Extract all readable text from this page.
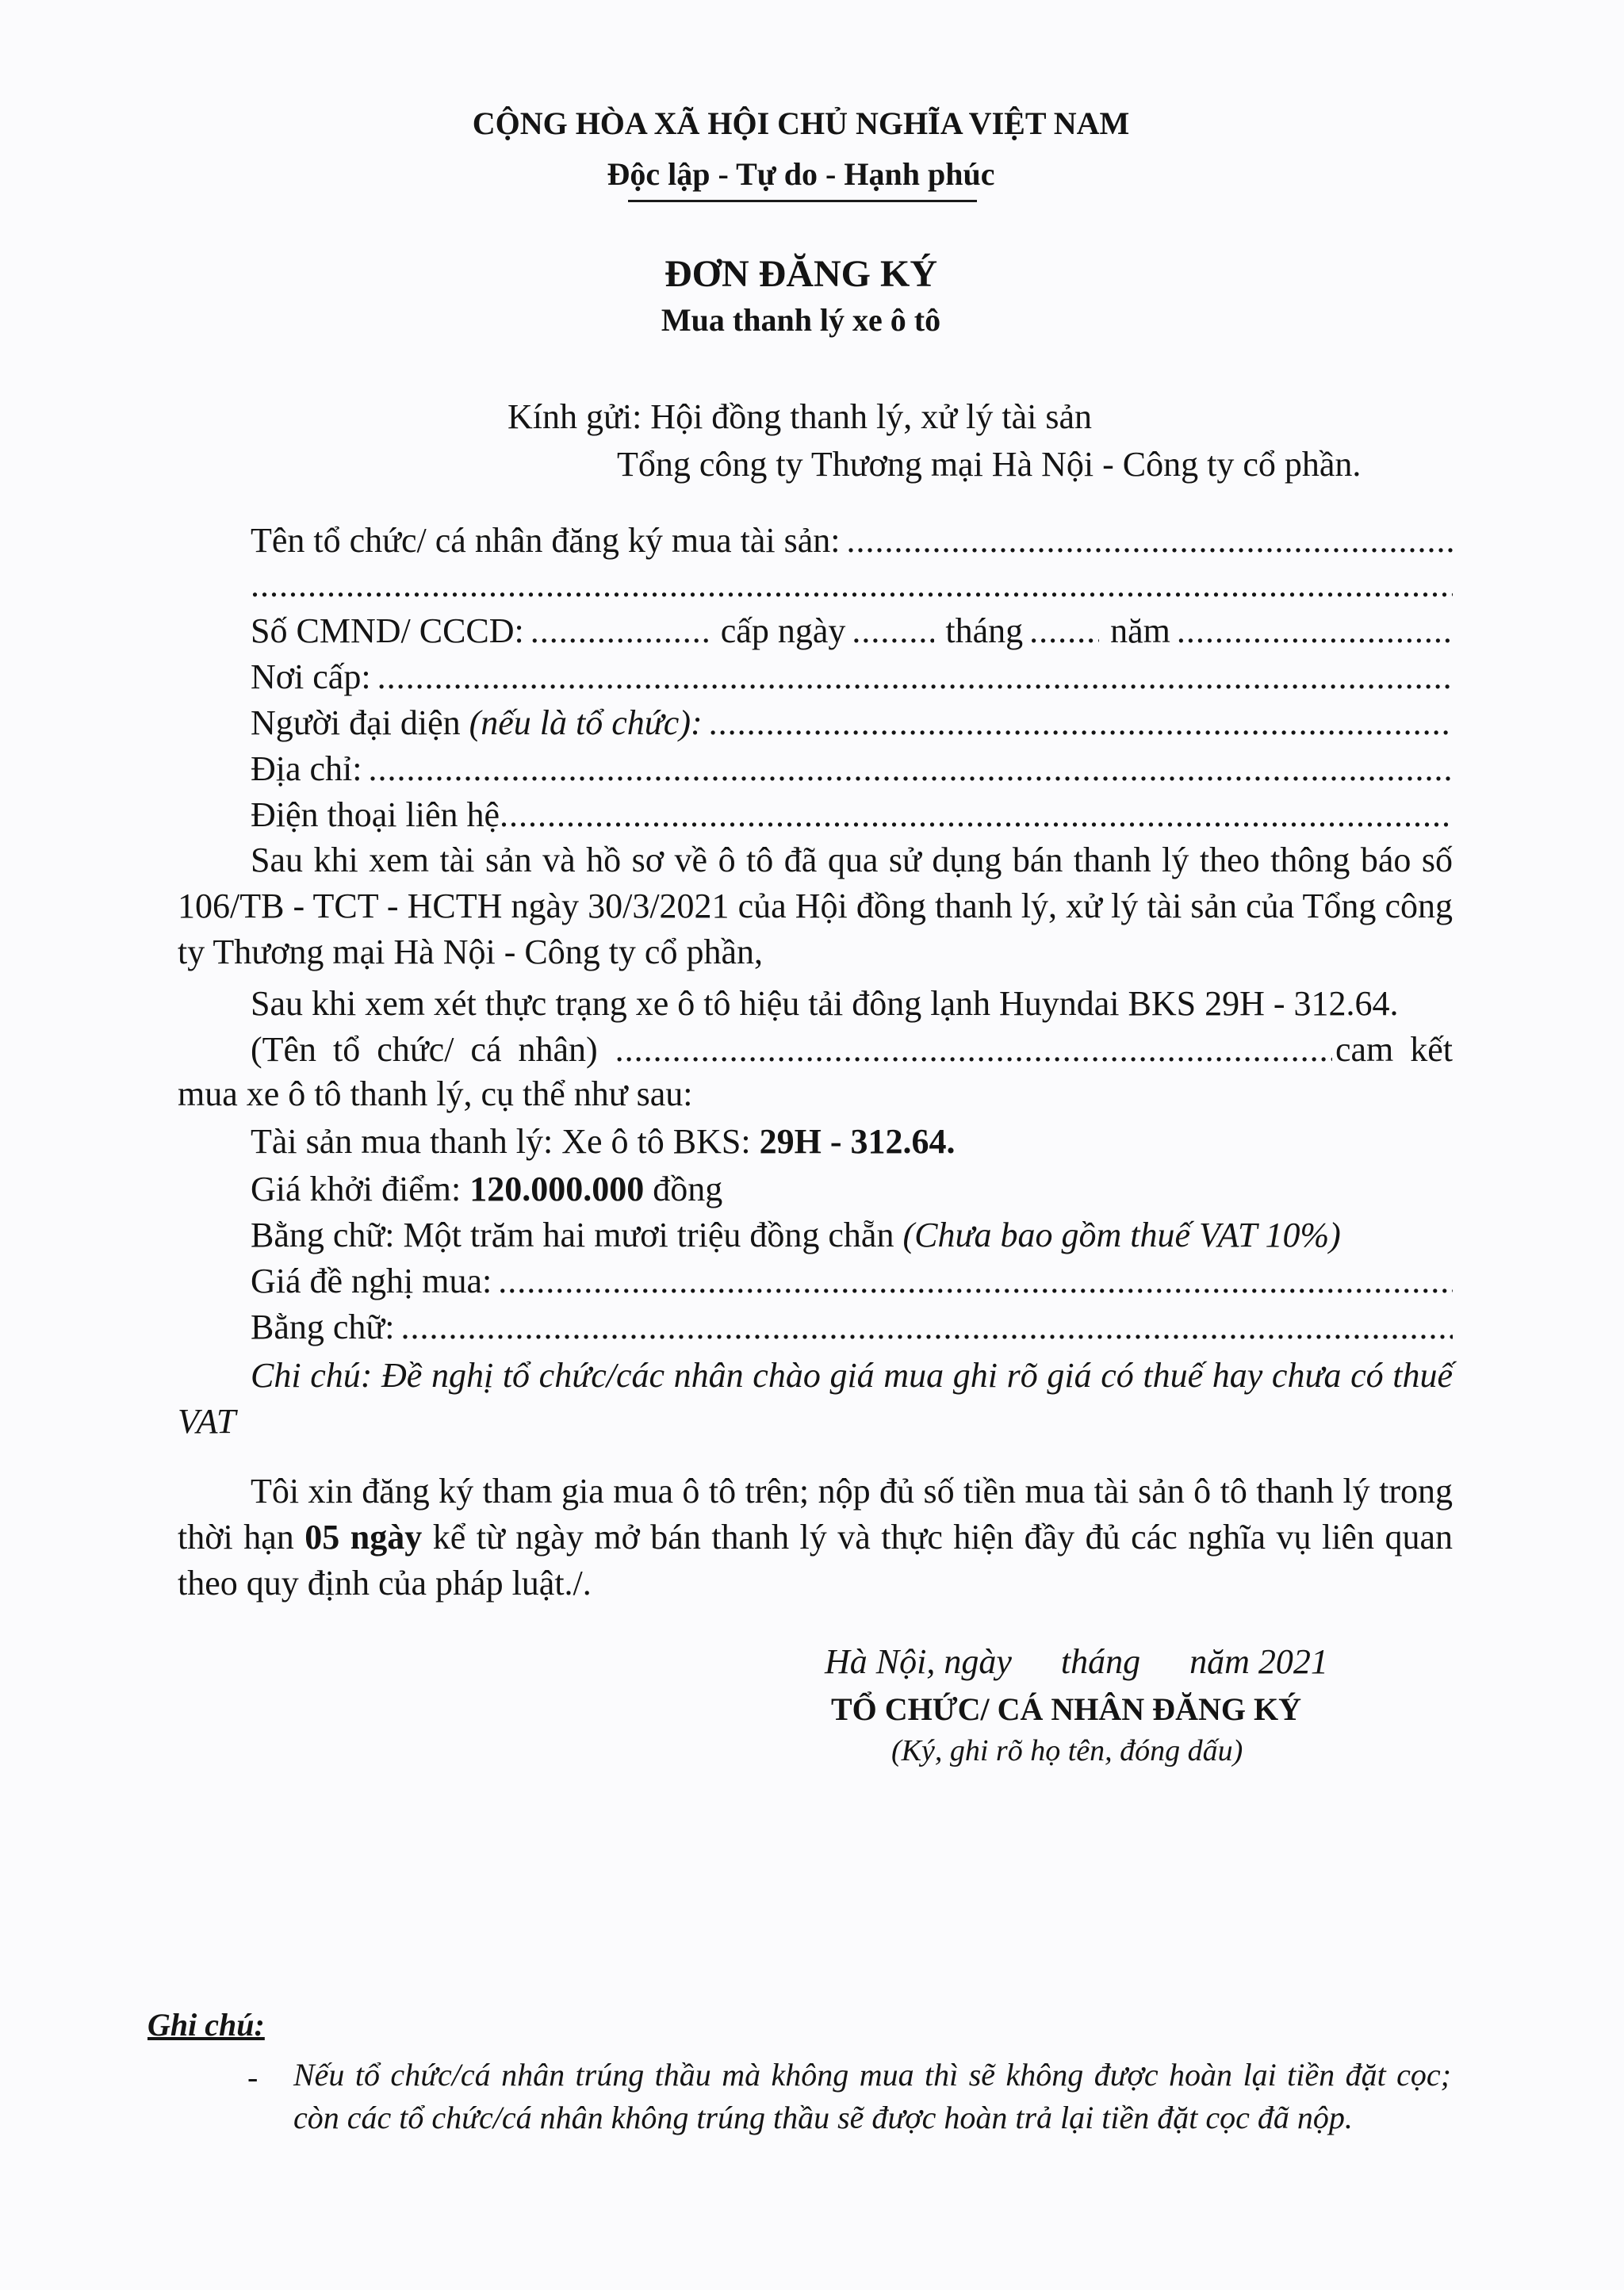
CỘNG HÒA XÃ HỘI CHỦ NGHĨA VIỆT NAM
Độc lập - Tự do - Hạnh phúc
ĐƠN ĐĂNG KÝ
Mua thanh lý xe ô tô
Kính gửi: Hội đồng thanh lý, xử lý tài sản
Tổng công ty Thương mại Hà Nội - Công ty cổ phần.
Tên tổ chức/ cá nhân đăng ký mua tài sản:
.....
.....
Số CMND/ CCCD: .....	cấp ngày .....	tháng .....	năm
.....
Nơi cấp:
.....
Người đại diện (nếu là tổ chức):
.....
Địa chỉ:
.....
Điện thoại liên hệ
.....
Sau khi xem tài sản và hồ sơ về ô tô đã qua sử dụng bán thanh lý theo thông báo số 106/TB - TCT - HCTH ngày 30/3/2021 của Hội đồng thanh lý, xử lý tài sản của Tổng công ty Thương mại Hà Nội - Công ty cổ phần,
Sau khi xem xét thực trạng xe ô tô hiệu tải đông lạnh Huyndai BKS 29H - 312.64.
(Tên tổ chức/ cá nhân) .....	cam kết
mua xe ô tô thanh lý, cụ thể như sau:
Tài sản mua thanh lý: Xe ô tô BKS: 29H - 312.64.
Giá khởi điểm: 120.000.000 đồng
Bằng chữ: Một trăm hai mươi triệu đồng chẵn (Chưa bao gồm thuế VAT 10%)
Giá đề nghị mua:
.....
Bằng chữ:
.....
Chi chú: Đề nghị tổ chức/các nhân chào giá mua ghi rõ giá có thuế hay chưa có thuế VAT
Tôi xin đăng ký tham gia mua ô tô trên; nộp đủ số tiền mua tài sản ô tô thanh lý trong thời hạn 05 ngày kể từ ngày mở bán thanh lý và thực hiện đầy đủ các nghĩa vụ liên quan theo quy định của pháp luật./.
Hà Nội, ngày tháng năm 2021
TỔ CHỨC/ CÁ NHÂN ĐĂNG KÝ
(Ký, ghi rõ họ tên, đóng dấu)
Ghi chú:
- Nếu tổ chức/cá nhân trúng thầu mà không mua thì sẽ không được hoàn lại tiền đặt cọc; còn các tổ chức/cá nhân không trúng thầu sẽ được hoàn trả lại tiền đặt cọc đã nộp.
